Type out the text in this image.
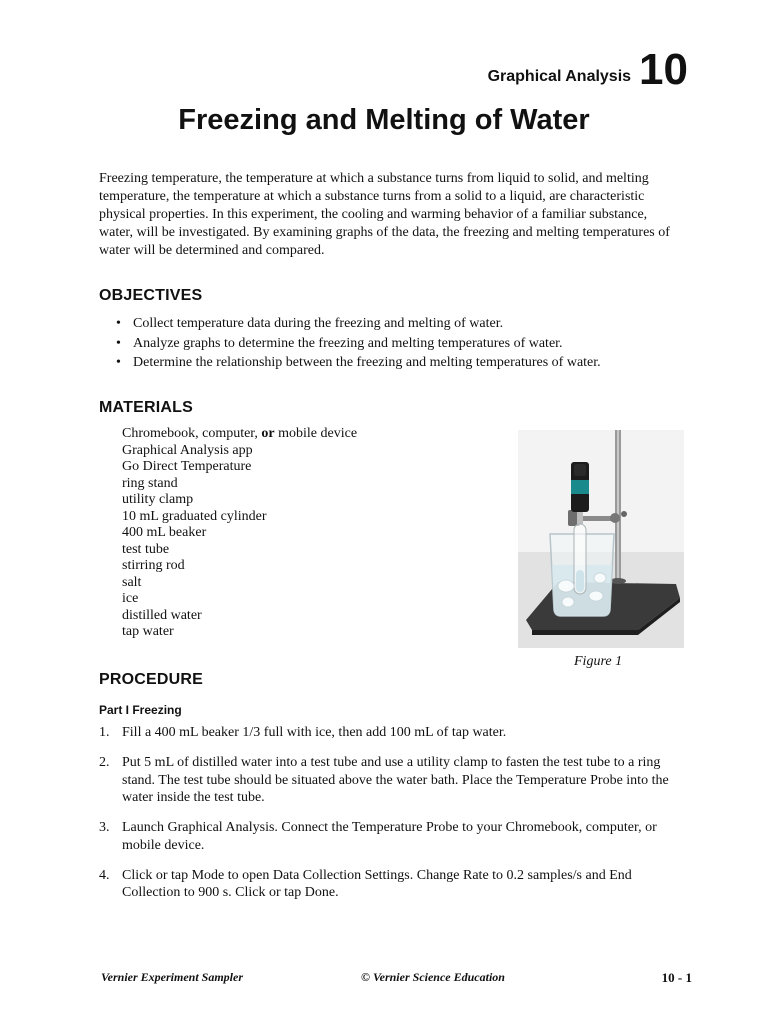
Graphical Analysis 10
Freezing and Melting of Water

Freezing temperature, the temperature at which a substance turns from liquid to solid, and melting temperature, the temperature at which a substance turns from a solid to a liquid, are characteristic physical properties. In this experiment, the cooling and warming behavior of a familiar substance, water, will be investigated. By examining graphs of the data, the freezing and melting temperatures of water will be determined and compared.

OBJECTIVES
• Collect temperature data during the freezing and melting of water.
• Analyze graphs to determine the freezing and melting temperatures of water.
• Determine the relationship between the freezing and melting temperatures of water.
MATERIALS
Chromebook, computer, or mobile device
Graphical Analysis app
Go Direct Temperature
ring stand
utility clamp
10 mL graduated cylinder
400 mL beaker
test tube
stirring rod
salt
ice
distilled water
tap water
Figure 1
PROCEDURE
Part I Freezing
1. Fill a 400 mL beaker 1/3 full with ice, then add 100 mL of tap water.
2. Put 5 mL of distilled water into a test tube and use a utility clamp to fasten the test tube to a ring stand. The test tube should be situated above the water bath. Place the Temperature Probe into the water inside the test tube.
3. Launch Graphical Analysis. Connect the Temperature Probe to your Chromebook, computer, or mobile device.
4. Click or tap Mode to open Data Collection Settings. Change Rate to 0.2 samples/s and End Collection to 900 s. Click or tap Done.
Vernier Experiment Sampler	© Vernier Science Education	10 - 1
